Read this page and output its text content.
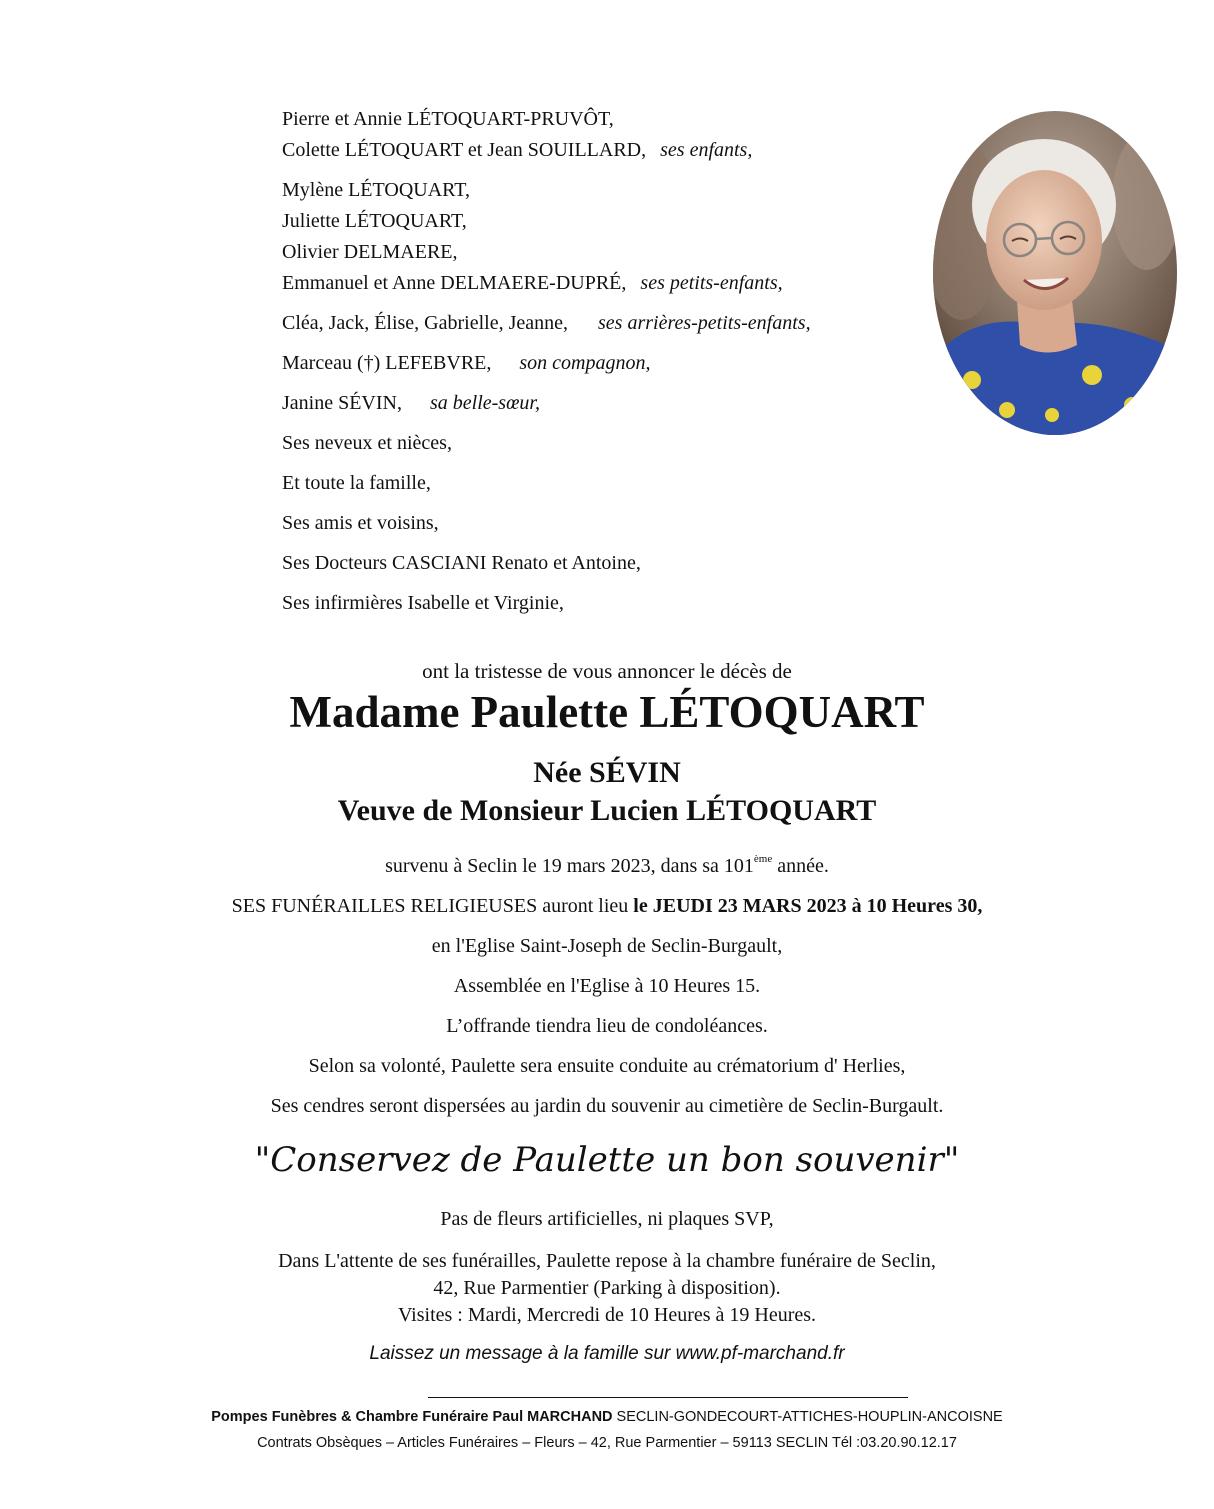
Pierre et Annie LÉTOQUART-PRUVÔT,
Colette LÉTOQUART et Jean SOUILLARD, ses enfants,
Mylène LÉTOQUART,
Juliette LÉTOQUART,
Olivier DELMAERE,
Emmanuel et Anne DELMAERE-DUPRÉ, ses petits-enfants,
Cléa, Jack, Élise, Gabrielle, Jeanne, ses arrières-petits-enfants,
Marceau (†) LEFEBVRE, son compagnon,
Janine SÉVIN, sa belle-sœur,
Ses neveux et nièces,
Et toute la famille,
Ses amis et voisins,
Ses Docteurs CASCIANI Renato et Antoine,
Ses infirmières Isabelle et Virginie,
ont la tristesse de vous annoncer le décès de
Madame Paulette LÉTOQUART
Née SÉVIN
Veuve de Monsieur Lucien LÉTOQUART
survenu à Seclin le 19 mars 2023, dans sa 101ème année.
SES FUNÉRAILLES RELIGIEUSES auront lieu le JEUDI 23 MARS 2023 à 10 Heures 30,
en l'Eglise Saint-Joseph de Seclin-Burgault,
Assemblée en l'Eglise à 10 Heures 15.
L’offrande tiendra lieu de condoléances.
Selon sa volonté, Paulette sera ensuite conduite au crématorium d' Herlies,
Ses cendres seront dispersées au jardin du souvenir au cimetière de Seclin-Burgault.
"Conservez de Paulette un bon souvenir"
Pas de fleurs artificielles, ni plaques SVP,
Dans L'attente de ses funérailles, Paulette repose à la chambre funéraire de Seclin,
42, Rue Parmentier (Parking à disposition).
Visites : Mardi, Mercredi de 10 Heures à 19 Heures.
Laissez un message à la famille sur www.pf-marchand.fr
Pompes Funèbres & Chambre Funéraire Paul MARCHAND SECLIN-GONDECOURT-ATTICHES-HOUPLIN-ANCOISNE
Contrats Obsèques – Articles Funéraires – Fleurs – 42, Rue Parmentier – 59113 SECLIN Tél :03.20.90.12.17
